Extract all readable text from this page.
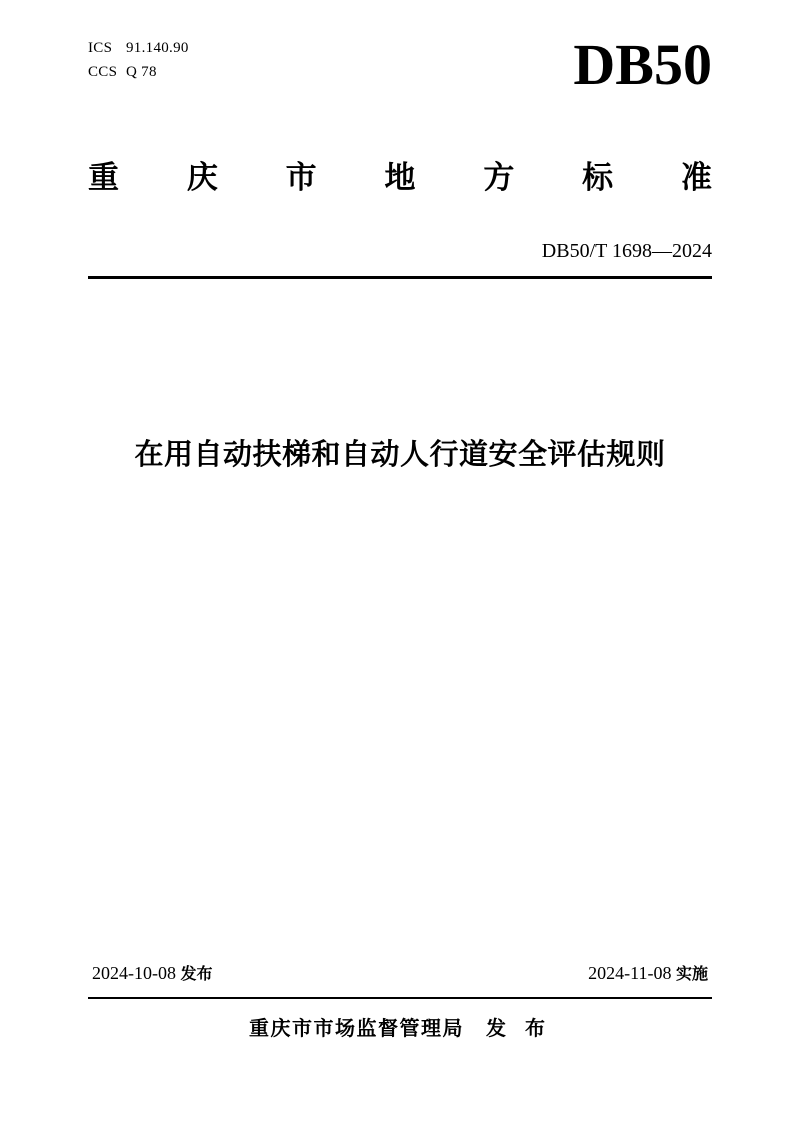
ICS 91.140.90
CCS Q 78	DB50
重 庆 市 地 方 标 准
DB50/T 1698—2024
在用自动扶梯和自动人行道安全评估规则
2024-10-08 发布	2024-11-08 实施
重庆市市场监督管理局 发 布
